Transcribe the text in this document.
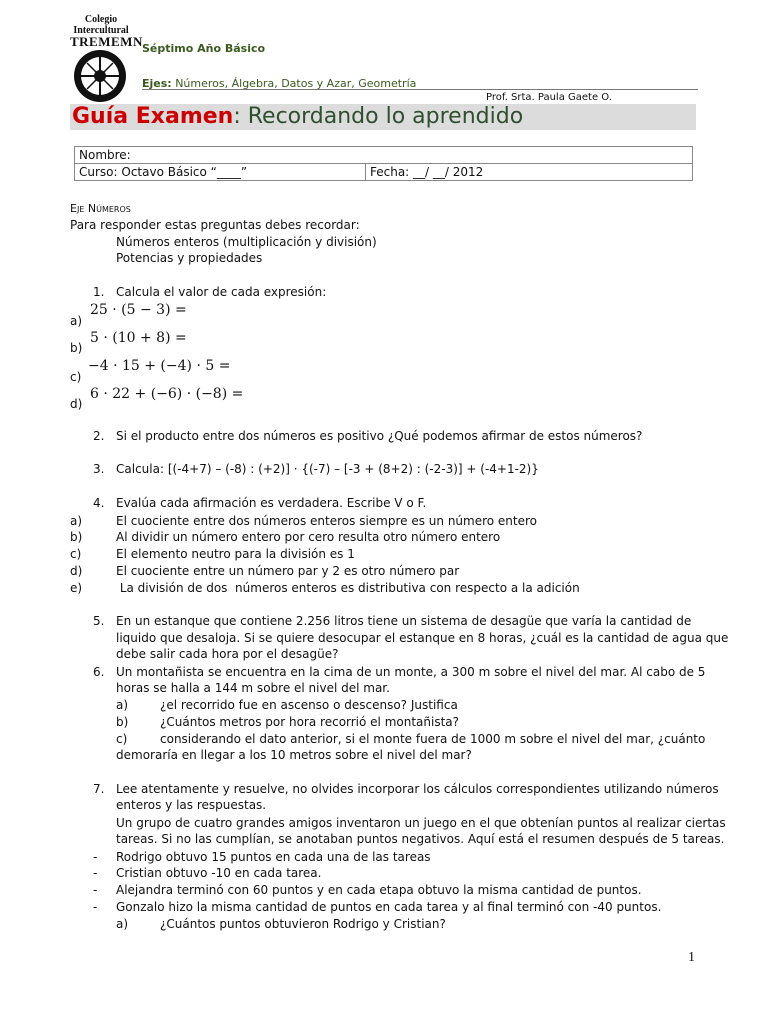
Colegio
Intercultural
TREMEMN Séptimo Año Básico
Ejes: Números, Álgebra, Datos y Azar, Geometría
Prof. Srta. Paula Gaete O.
Guía Examen: Recordando lo aprendido
Nombre:
Curso: Octavo Básico “____”	Fecha: __/ __/ 2012
Eje Números
Para responder estas preguntas debes recordar:
Números enteros (multiplicación y división)
Potencias y propiedades
1. Calcula el valor de cada expresión:
a)
25 · (5 − 3) =
b)
5 · (10 + 8) =
c)
−4 · 15 + (−4) · 5 =
d)
6 · 22 + (−6) · (−8) =
2. Si el producto entre dos números es positivo ¿Qué podemos afirmar de estos números?
3. Calcula: [(-4+7) – (-8) : (+2)] · {(-7) – [-3 + (8+2) : (-2-3)] + (-4+1-2)}
4. Evalúa cada afirmación es verdadera. Escribe V o F.
a)	El cuociente entre dos números enteros siempre es un número entero
b)	Al dividir un número entero por cero resulta otro número entero
c)	El elemento neutro para la división es 1
d)	El cuociente entre un número par y 2 es otro número par
e)	La división de dos  números enteros es distributiva con respecto a la adición
5. En un estanque que contiene 2.256 litros tiene un sistema de desagüe que varía la cantidad de
liquido que desaloja. Si se quiere desocupar el estanque en 8 horas, ¿cuál es la cantidad de agua que
debe salir cada hora por el desagüe?
6. Un montañista se encuentra en la cima de un monte, a 300 m sobre el nivel del mar. Al cabo de 5
horas se halla a 144 m sobre el nivel del mar.
a)	¿el recorrido fue en ascenso o descenso? Justifica
b)	¿Cuántos metros por hora recorrió el montañista?
c)	considerando el dato anterior, si el monte fuera de 1000 m sobre el nivel del mar, ¿cuánto
demoraría en llegar a los 10 metros sobre el nivel del mar?
7. Lee atentamente y resuelve, no olvides incorporar los cálculos correspondientes utilizando números
enteros y las respuestas.
Un grupo de cuatro grandes amigos inventaron un juego en el que obtenían puntos al realizar ciertas
tareas. Si no las cumplían, se anotaban puntos negativos. Aquí está el resumen después de 5 tareas.
- Rodrigo obtuvo 15 puntos en cada una de las tareas
- Cristian obtuvo -10 en cada tarea.
- Alejandra terminó con 60 puntos y en cada etapa obtuvo la misma cantidad de puntos.
- Gonzalo hizo la misma cantidad de puntos en cada tarea y al final terminó con -40 puntos.
a)	¿Cuántos puntos obtuvieron Rodrigo y Cristian?
1
